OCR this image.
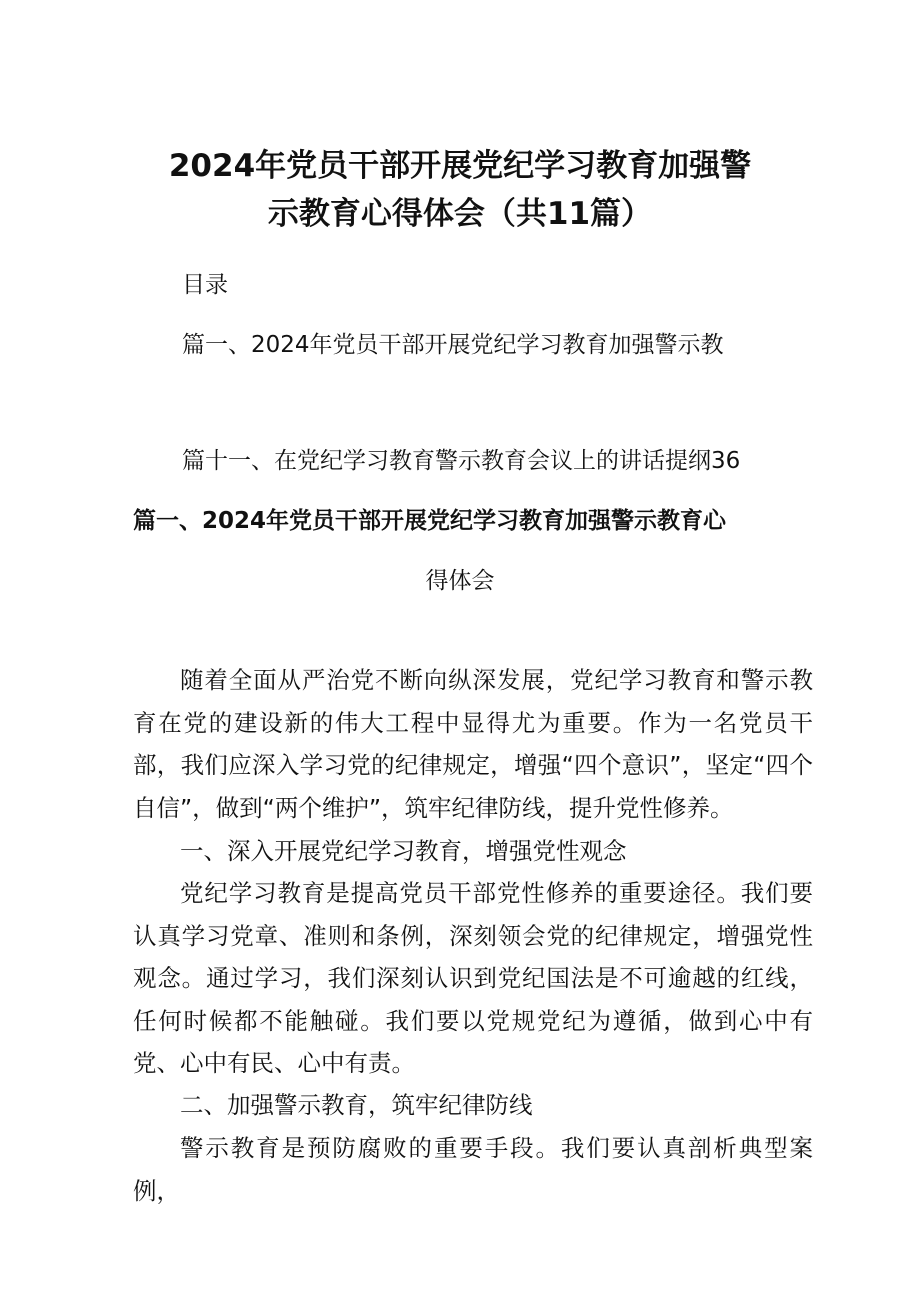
2024年党员干部开展党纪学习教育加强警
示教育心得体会（共11篇）
目录
篇一、2024年党员干部开展党纪学习教育加强警示教
篇十一、在党纪学习教育警示教育会议上的讲话提纲36
篇一、2024年党员干部开展党纪学习教育加强警示教育心
得体会

随着全面从严治党不断向纵深发展，党纪学习教育和警示教育在党的建设新的伟大工程中显得尤为重要。作为一名党员干部，我们应深入学习党的纪律规定，增强“四个意识”，坚定“四个自信”，做到“两个维护”，筑牢纪律防线，提升党性修养。

一、深入开展党纪学习教育，增强党性观念

党纪学习教育是提高党员干部党性修养的重要途径。我们要认真学习党章、准则和条例，深刻领会党的纪律规定，增强党性观念。通过学习，我们深刻认识到党纪国法是不可逾越的红线，任何时候都不能触碰。我们要以党规党纪为遵循，做到心中有党、心中有民、心中有责。

二、加强警示教育，筑牢纪律防线

警示教育是预防腐败的重要手段。我们要认真剖析典型案例，
